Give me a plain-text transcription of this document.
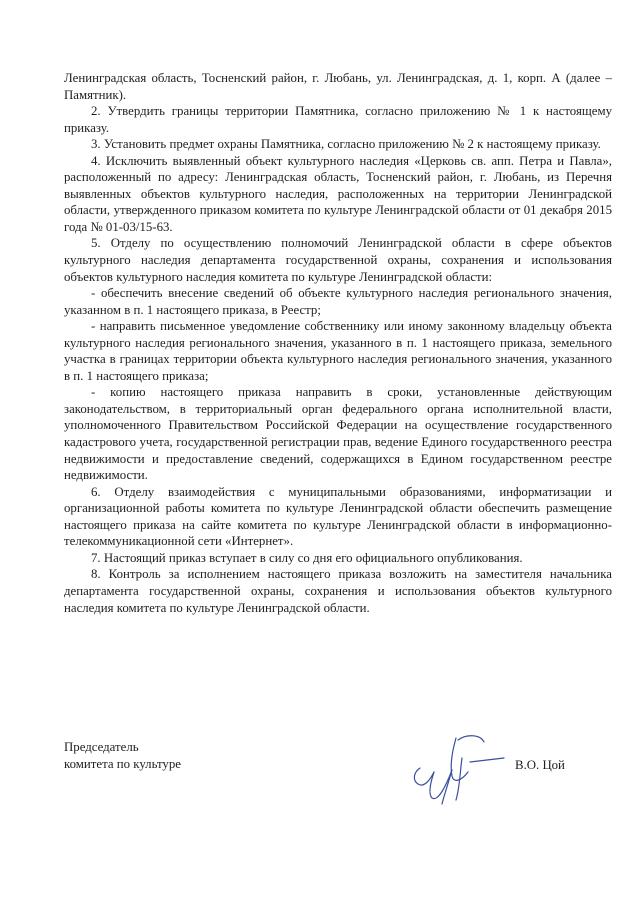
Ленинградская область, Тосненский район, г. Любань, ул. Ленинградская, д. 1, корп. А (далее – Памятник).

2. Утвердить границы территории Памятника, согласно приложению № 1 к настоящему приказу.

3. Установить предмет охраны Памятника, согласно приложению № 2 к настоящему приказу.

4. Исключить выявленный объект культурного наследия «Церковь св. апп. Петра и Павла», расположенный по адресу: Ленинградская область, Тосненский район, г. Любань, из Перечня выявленных объектов культурного наследия, расположенных на территории Ленинградской области, утвержденного приказом комитета по культуре Ленинградской области от 01 декабря 2015 года № 01-03/15-63.

5. Отделу по осуществлению полномочий Ленинградской области в сфере объектов культурного наследия департамента государственной охраны, сохранения и использования объектов культурного наследия комитета по культуре Ленинградской области:

- обеспечить внесение сведений об объекте культурного наследия регионального значения, указанном в п. 1 настоящего приказа, в Реестр;

- направить письменное уведомление собственнику или иному законному владельцу объекта культурного наследия регионального значения, указанного в п. 1 настоящего приказа, земельного участка в границах территории объекта культурного наследия регионального значения, указанного в п. 1 настоящего приказа;

- копию настоящего приказа направить в сроки, установленные действующим законодательством, в территориальный орган федерального органа исполнительной власти, уполномоченного Правительством Российской Федерации на осуществление государственного кадастрового учета, государственной регистрации прав, ведение Единого государственного реестра недвижимости и предоставление сведений, содержащихся в Едином государственном реестре недвижимости.

6. Отделу взаимодействия с муниципальными образованиями, информатизации и организационной работы комитета по культуре Ленинградской области обеспечить размещение настоящего приказа на сайте комитета по культуре Ленинградской области в информационно-телекоммуникационной сети «Интернет».

7. Настоящий приказ вступает в силу со дня его официального опубликования.

8. Контроль за исполнением настоящего приказа возложить на заместителя начальника департамента государственной охраны, сохранения и использования объектов культурного наследия комитета по культуре Ленинградской области.

Председатель
комитета по культуре	В.О. Цой
